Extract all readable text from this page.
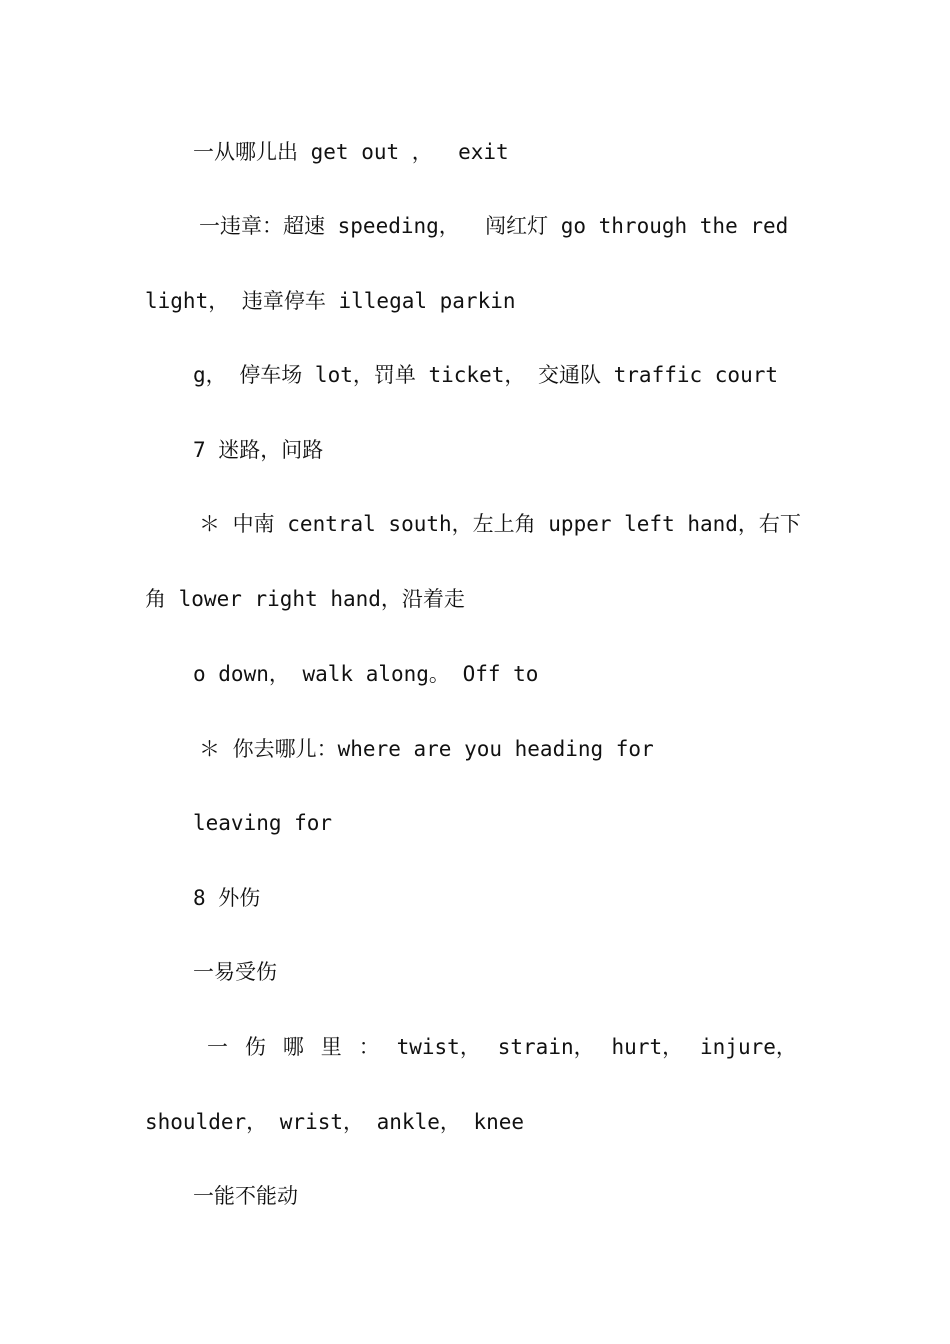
一从哪儿出 get out ，  exit
一违章：超速 speeding，  闯红灯 go through the red
light， 违章停车 illegal parkin
g， 停车场 lot，罚单 ticket， 交通队 traffic court
7 迷路，问路
＊ 中南 central south，左上角 upper left hand，右下
角 lower right hand，沿着走
o down， walk along。 Off to
＊ 你去哪儿：where are you heading for
leaving for
8 外伤
一易受伤
一 伤 哪 里 ： twist， strain， hurt， injure，
shoulder， wrist， ankle， knee
一能不能动
